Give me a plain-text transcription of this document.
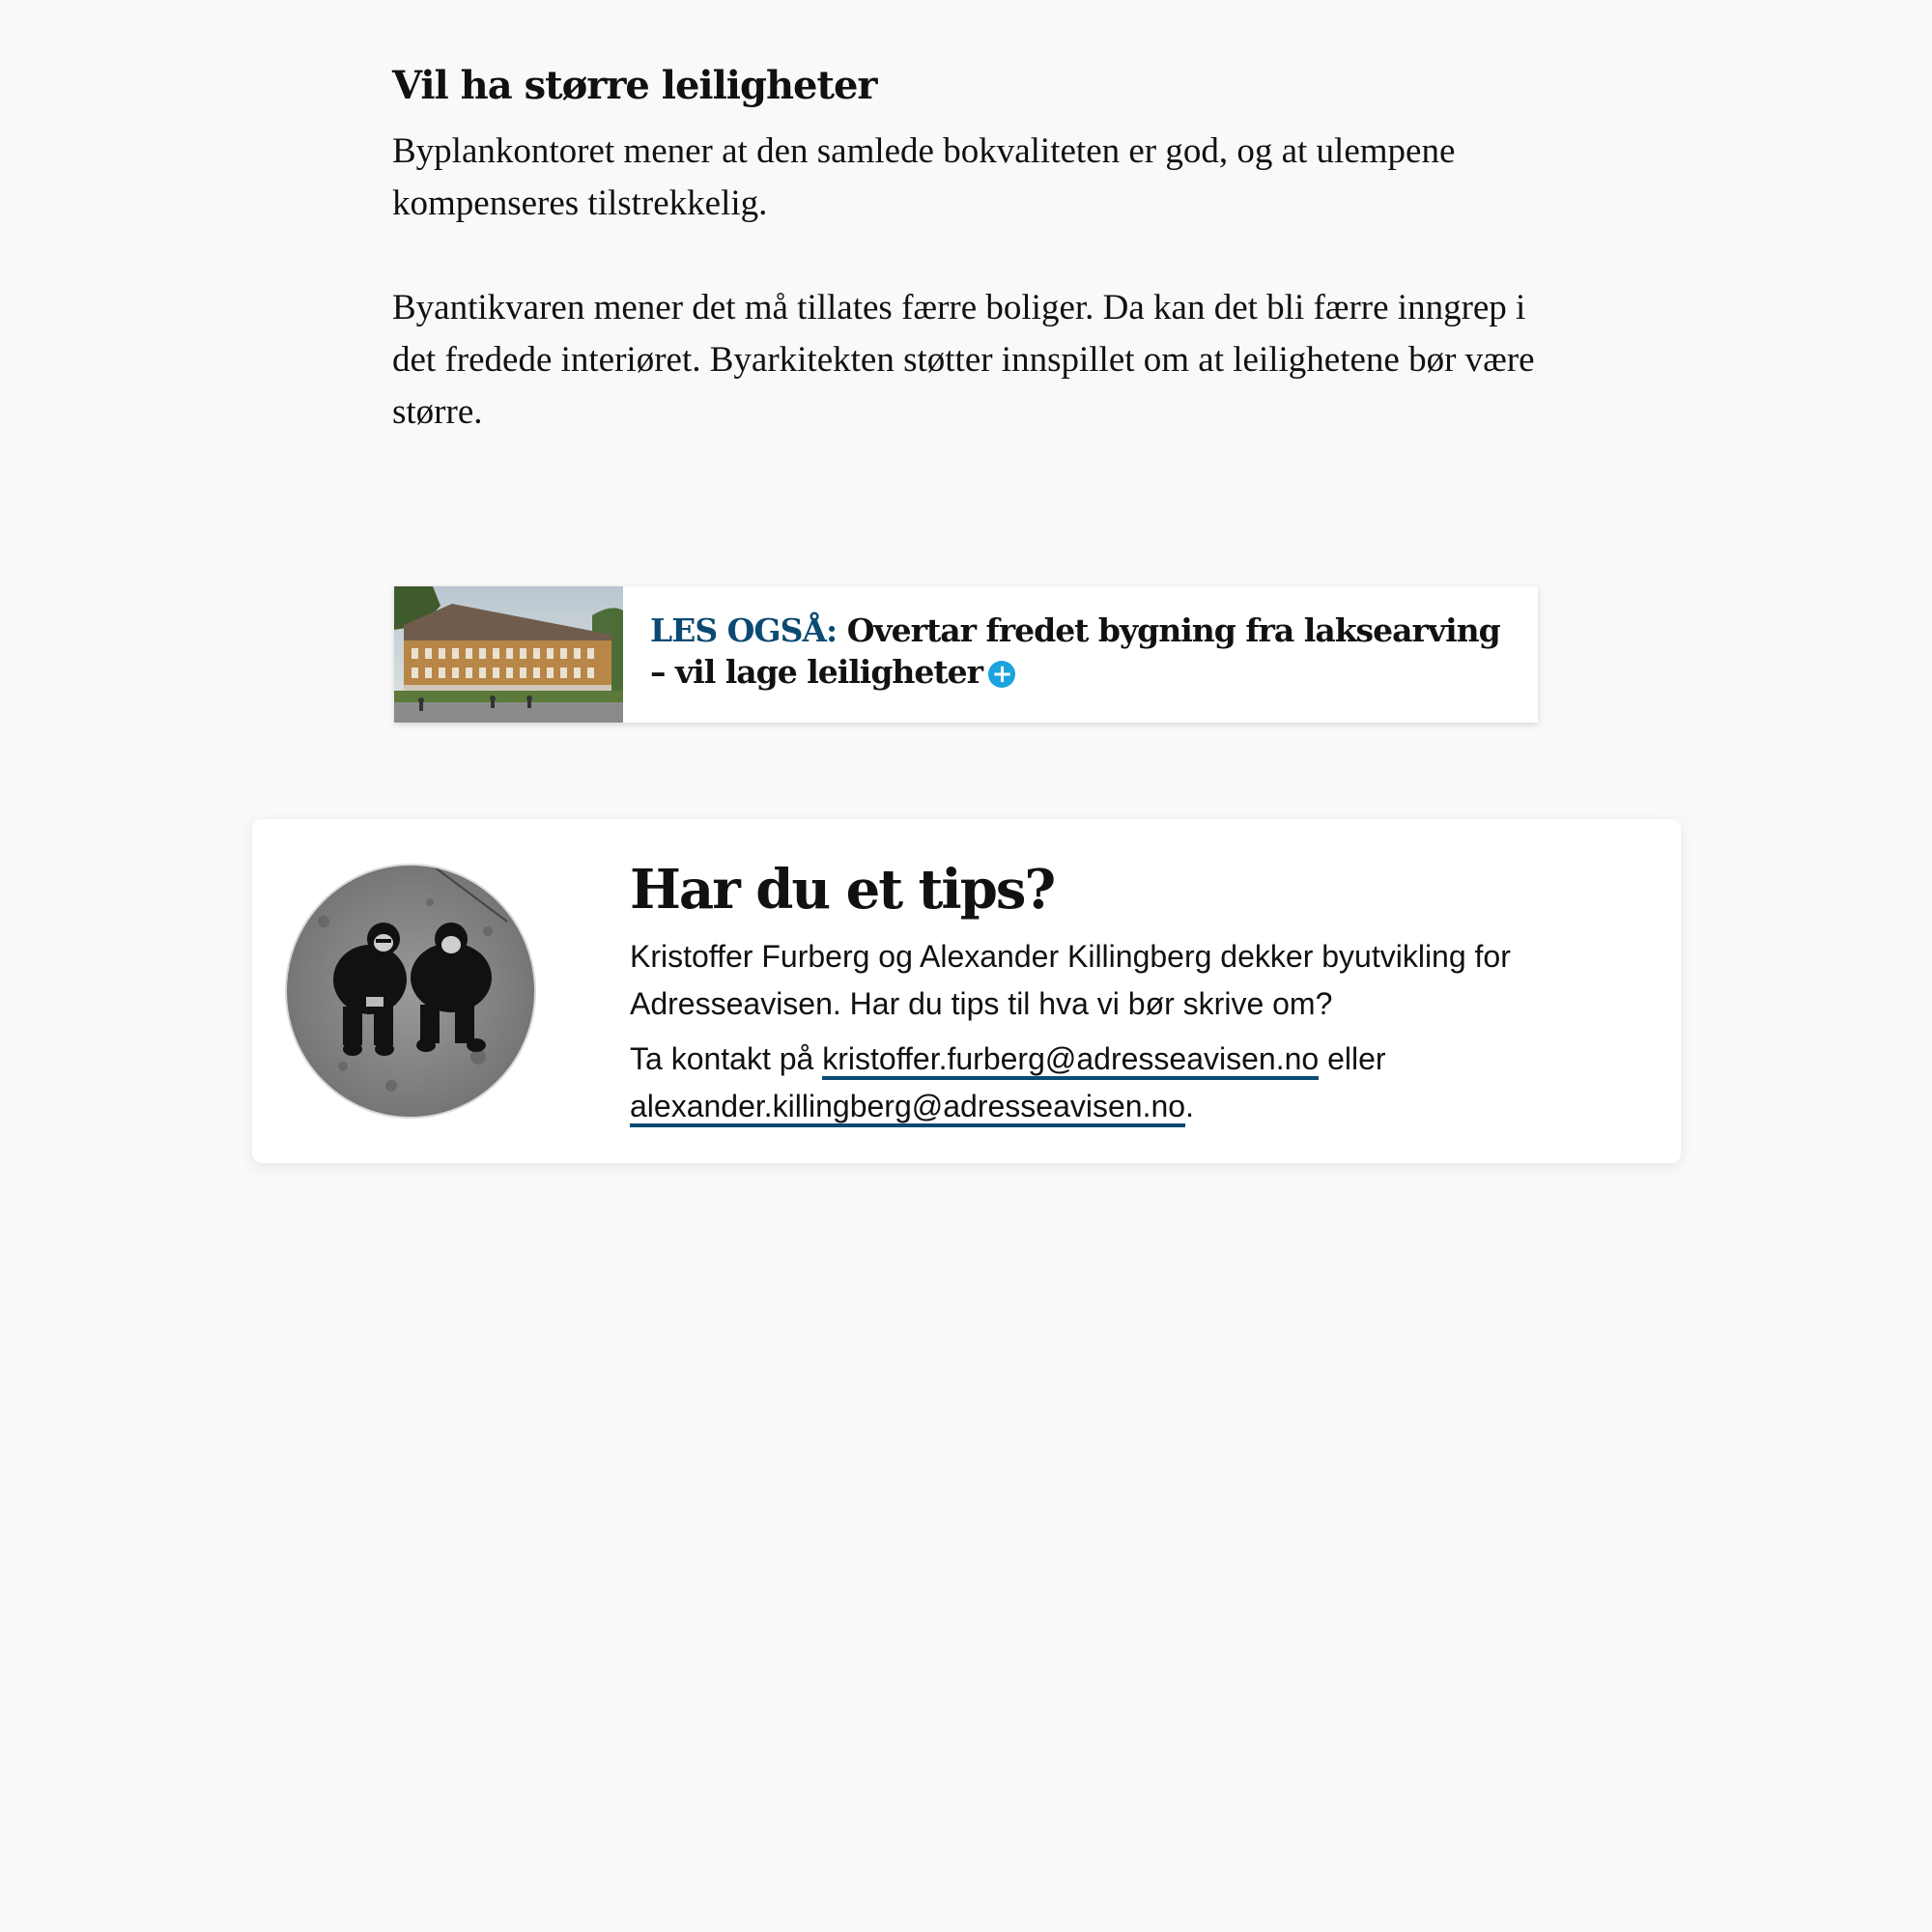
Vil ha større leiligheter

Byplankontoret mener at den samlede bokvaliteten er god, og at ulempene kompenseres tilstrekkelig.

Byantikvaren mener det må tillates færre boliger. Da kan det bli færre inngrep i det fredede interiøret. Byarkitekten støtter innspillet om at leilighetene bør være større.

LES OGSÅ: Overtar fredet bygning fra laksearving – vil lage leiligheter +
Har du et tips?

Kristoffer Furberg og Alexander Killingberg dekker byutvikling for Adresseavisen. Har du tips til hva vi bør skrive om?

Ta kontakt på kristoffer.furberg@adresseavisen.no eller alexander.killingberg@adresseavisen.no.
